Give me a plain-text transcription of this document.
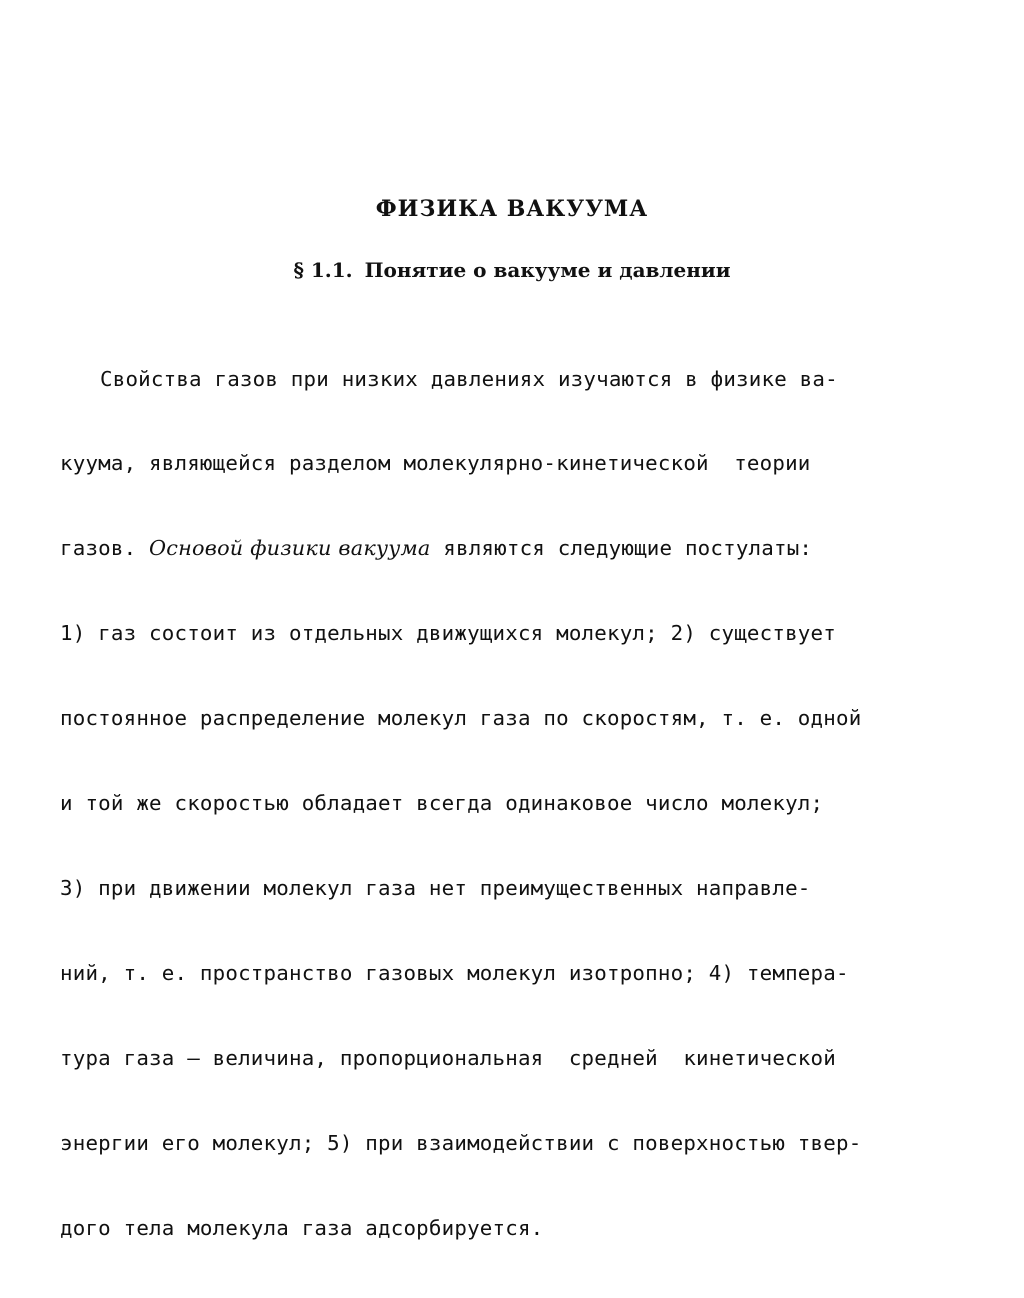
ФИЗИКА ВАКУУМА
§ 1.1. Понятие о вакууме и давлении

Свойства газов при низких давлениях изучаются в физике ва-

куума, являющейся разделом молекулярно-кинетической  теории

газов. Основой физики вакуума являются следующие постулаты:

1) газ состоит из отдельных движущихся молекул; 2) существует

постоянное распределение молекул газа по скоростям, т. е. одной

и той же скоростью обладает всегда одинаковое число молекул;

3) при движении молекул газа нет преимущественных направле-

ний, т. е. пространство газовых молекул изотропно; 4) темпера-

тура газа — величина, пропорциональная  средней  кинетической

энергии его молекул; 5) при взаимодействии с поверхностью твер-

дого тела молекула газа адсорбируется.
